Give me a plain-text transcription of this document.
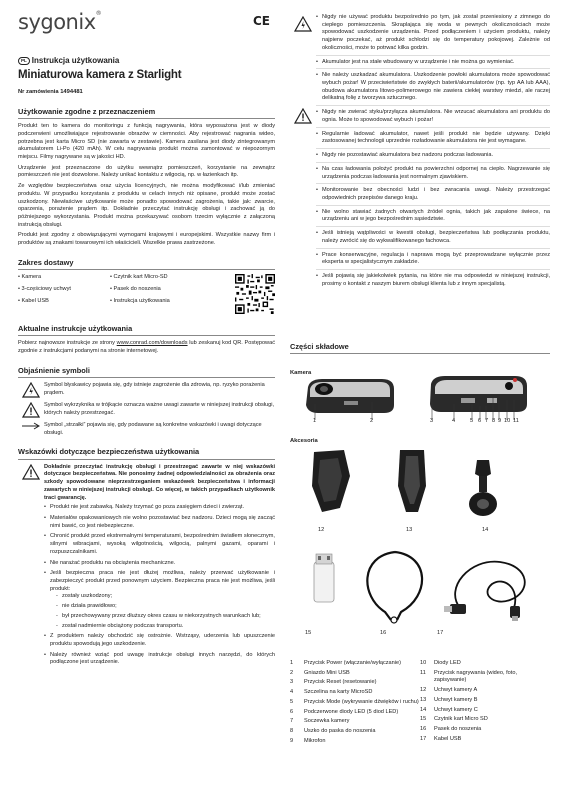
sygonix®
CE
PL Instrukcja użytkowania
Miniaturowa kamera z Starlight
Nr zamówienia 1494481
Użytkowanie zgodne z przeznaczeniem

Produkt ten to kamera do monitoringu z funkcją nagrywania, która wyposażona jest w diody podczerwieni umożliwiające rejestrowanie obrazów w ciemności. Aby rejestrować nagrania wideo, potrzebna jest karta Micro SD (nie zawarta w zestawie). Kamera zasilana jest diody zintegrowanym akumulatorem Li-Po (420 mAh). W celu nagrywania produkt można zamontować w niepozornym miejscu. Filmy nagrywane są w jakości HD.

Urządzenie jest przeznaczone do użytku wewnątrz pomieszczeń, korzystanie na zewnątrz pomieszczeń nie jest dozwolone. Należy unikać kontaktu z wilgocią, np. w łazienkach itp.

Ze względów bezpieczeństwa oraz użycia licencyjnych, nie można modyfikować i/lub zmieniać produktu. W przypadku korzystania z produktu w celach innych niż opisane, produkt może zostać uszkodzony. Niewłaściwe użytkowanie może ponadto spowodować zagrożenia, takie jak: zwarcie, oparzenia, porażenie prądem itp. Dokładnie przeczytać instrukcję obsługi i zachować ją do późniejszego wykorzystania. Produkt można przekazywać osobom trzecim wyłącznie z załączoną instrukcją obsługi.

Produkt jest zgodny z obowiązującymi wymogami krajowymi i europejskimi. Wszystkie nazwy firm i produktów są znakami towarowymi ich właścicieli. Wszelkie prawa zastrzeżone.

Zakres dostawy
• Kamera
• 3-częściowy uchwyt
• Kabel USB
• Czytnik kart Micro-SD
• Pasek do noszenia
• Instrukcja użytkowania
Aktualne instrukcje użytkowania

Pobierz najnowsze instrukcje ze strony www.conrad.com/downloads lub zeskanuj kod QR. Postępować zgodnie z instrukcjami podanymi na stronie internetowej.

Objaśnienie symboli
Symbol błyskawicy pojawia się, gdy istnieje zagrożenie dla zdrowia, np. ryzyko porażenia prądem.
Symbol wykrzyknika w trójkącie oznacza ważne uwagi zawarte w niniejszej instrukcji obsługi, których należy przestrzegać.
Symbol „strzałki” pojawia się, gdy podawane są konkretne wskazówki i uwagi dotyczące obsługi.
Wskazówki dotyczące bezpieczeństwa użytkowania
Dokładnie przeczytać instrukcję obsługi i przestrzegać zawarte w niej wskazówki dotyczące bezpieczeństwa. Nie ponosimy żadnej odpowiedzialności za obrażenia oraz szkody spowodowane nieprzestrzeganiem wskazówek bezpieczeństwa i informacji zawartych w niniejszej instrukcji obsługi. Co więcej, w takich przypadkach użytkownik traci gwarancję.
• Produkt nie jest zabawką. Należy trzymać go poza zasięgiem dzieci i zwierząt.
• Materiałów opakowaniowych nie wolno pozostawiać bez nadzoru. Dzieci mogą się zacząć nimi bawić, co jest niebezpieczne.
• Chronić produkt przed ekstremalnymi temperaturami, bezpośrednim światłem słonecznym, silnymi wibracjami, wysoką wilgotnością, wilgocią, palnymi gazami, oparami i rozpuszczalnikami.
• Nie narażać produktu na obciążenia mechaniczne.
• Jeśli bezpieczna praca nie jest dłużej możliwa, należy przerwać użytkowanie i zabezpieczyć produkt przed ponownym użyciem. Bezpieczna praca nie jest możliwa, jeśli produkt:
- zostały uszkodzony;
- nie działa prawidłowo;
- był przechowywany przez dłuższy okres czasu w niekorzystnych warunkach lub;
- został nadmiernie obciążony podczas transportu.
• Z produktem należy obchodzić się ostrożnie. Wstrząsy, uderzenia lub upuszczenie produktu spowodują jego uszkodzenie.
• Należy również wziąć pod uwagę instrukcje obsługi innych narzędzi, do których podłączone jest urządzenie.
• Nigdy nie używać produktu bezpośrednio po tym, jak został przeniesiony z zimnego do ciepłego pomieszczenia. Skraplająca się woda w pewnych okolicznościach może spowodować uszkodzenie urządzenia. Przed podłączeniem i użyciem produktu, należy najpierw poczekać, aż produkt schłodzi się do temperatury pokojowej. Zależnie od okoliczności, może to potrwać kilka godzin.
• Akumulator jest na stałe wbudowany w urządzenie i nie można go wymieniać.
• Nie należy uszkadzać akumulatora. Uszkodzenie powłoki akumulatora może spowodować wybuch pożar! W przeciwieństwie do zwykłych baterii/akumulatorów (np. typ AA lub AAA), obudowa akumulatora litowo-polimerowego nie zawiera ciekłej warstwy miedzi, ale raczej delikatną folię z tworzywa sztucznego.
• Nigdy nie zwierać styku/przyłącza akumulatora. Nie wrzucać akumulatora ani produktu do ognia. Może to spowodować wybuch i pożar!
• Regularnie ładować akumulator, nawet jeśli produkt nie będzie używany. Dzięki zastosowanej technologii uprzednie rozładowanie akumulatora nie jest wymagane.
• Nigdy nie pozostawiać akumulatora bez nadzoru podczas ładowania.
• Na czas ładowania położyć produkt na powierzchni odpornej na ciepło. Nagrzewanie się urządzenia podczas ładowania jest normalnym zjawiskiem.
• Monitorowanie bez obecności ludzi i bez zwracania uwagi. Należy przestrzegać odpowiednich przepisów danego kraju.
• Nie wolno stawiać żadnych otwartych źródeł ognia, takich jak zapalone świece, na urządzeniu ani w jego bezpośrednim sąsiedztwie.
• Jeśli istnieją wątpliwości w kwestii obsługi, bezpieczeństwa lub podłączania produktu, należy zwrócić się do wykwalifikowanego fachowca.
• Prace konserwacyjne, regulacja i naprawa mogą być przeprowadzane wyłącznie przez eksperta w specjalistycznym zakładzie.
• Jeśli pojawią się jakiekolwiek pytania, na które nie ma odpowiedzi w niniejszej instrukcji, prosimy o kontakt z naszym biurem obsługi klienta lub z innym specjalistą.
Części składowe
Kamera
1	2	3	4	5 6 7 8 9 10 11
Akcesoria
12	13	14
15	16	17
1	Przycisk Power (włączanie/wyłączanie)
2	Gniazdo Mini USB
3	Przycisk Reset (resetowanie)
4	Szczelina na karty MicroSD
5	Przycisk Mode (wykrywanie dźwięków i ruchu)
6	Podczerwone diody LED (5 diod LED)
7	Soczewka kamery
8	Uszko do paska do noszenia
9	Mikrofon
10	Diody LED
11	Przycisk nagrywania (wideo, foto, zapisywanie)
12	Uchwyt kamery A
13	Uchwyt kamery B
14	Uchwyt kamery C
15	Czytnik kart Micro SD
16	Pasek do noszenia
17	Kabel USB
